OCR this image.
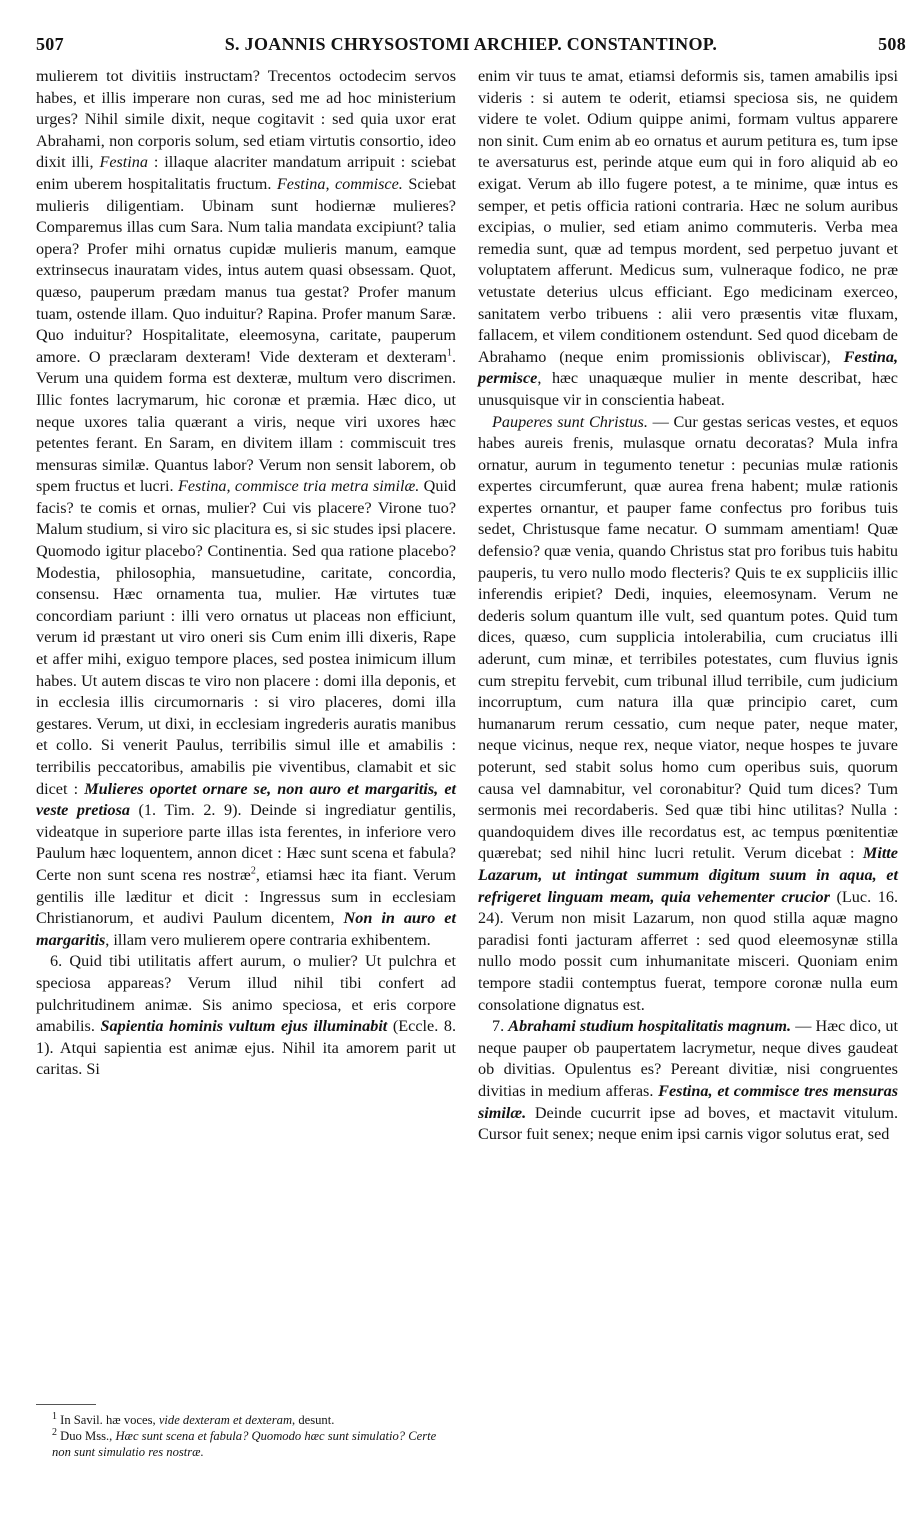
507	S. JOANNIS CHRYSOSTOMI ARCHIEP. CONSTANTINOP.	508

mulierem tot divitiis instructam? Trecentos octodecim servos habes, et illis imperare non curas, sed me ad hoc ministerium urges? Nihil simile dixit, neque cogitavit : sed quia uxor erat Abrahami, non corporis solum, sed etiam virtutis consortio, ideo dixit illi, Festina : illaque alacriter mandatum arripuit : sciebat enim uberem hospitalitatis fructum. Festina, commisce. Sciebat mulieris diligentiam. Ubinam sunt hodiernæ mulieres? Comparemus illas cum Sara. Num talia mandata excipiunt? talia opera? Profer mihi ornatus cupidæ mulieris manum, eamque extrinsecus inauratam vides, intus autem quasi obsessam. Quot, quæso, pauperum prædam manus tua gestat? Profer manum tuam, ostende illam. Quo induitur? Rapina. Profer manum Saræ. Quo induitur? Hospitalitate, eleemosyna, caritate, pauperum amore. O præclaram dexteram! Vide dexteram et dexteram$^1$. Verum una quidem forma est dexteræ, multum vero discrimen. Illic fontes lacrymarum, hic coronæ et præmia. Hæc dico, ut neque uxores talia quærant a viris, neque viri uxores hæc petentes ferant. En Saram, en divitem illam : commiscuit tres mensuras similæ. Quantus labor? Verum non sensit laborem, ob spem fructus et lucri. Festina, commisce tria metra similæ. Quid facis? te comis et ornas, mulier? Cui vis placere? Virone tuo? Malum studium, si viro sic placitura es, si sic studes ipsi placere. Quomodo igitur placebo? Continentia. Sed qua ratione placebo? Modestia, philosophia, mansuetudine, caritate, concordia, consensu. Hæc ornamenta tua, mulier. Hæ virtutes tuæ concordiam pariunt : illi vero ornatus ut placeas non efficiunt, verum id præstant ut viro oneri sis Cum enim illi dixeris, Rape et affer mihi, exiguo tempore places, sed postea inimicum illum habes. Ut autem discas te viro non placere : domi illa deponis, et in ecclesia illis circumornaris : si viro placeres, domi illa gestares. Verum, ut dixi, in ecclesiam ingrederis auratis manibus et collo. Si venerit Paulus, terribilis simul ille et amabilis : terribilis peccatoribus, amabilis pie viventibus, clamabit et sic dicet : Mulieres oportet ornare se, non auro et margaritis, et veste pretiosa (1. Tim. 2. 9). Deinde si ingrediatur gentilis, videatque in superiore parte illas ista ferentes, in inferiore vero Paulum hæc loquentem, annon dicet : Hæc sunt scena et fabula? Certe non sunt scena res nostræ$^2$, etiamsi hæc ita fiant. Verum gentilis ille læditur et dicit : Ingressus sum in ecclesiam Christianorum, et audivi Paulum dicentem, Non in auro et margaritis, illam vero mulierem opere contraria exhibentem.

6. Quid tibi utilitatis affert aurum, o mulier? Ut pulchra et speciosa appareas? Verum illud nihil tibi confert ad pulchritudinem animæ. Sis animo speciosa, et eris corpore amabilis. Sapientia hominis vultum ejus illuminabit (Eccle. 8. 1). Atqui sapientia est animæ ejus. Nihil ita amorem parit ut caritas. Si

enim vir tuus te amat, etiamsi deformis sis, tamen amabilis ipsi videris : si autem te oderit, etiamsi speciosa sis, ne quidem videre te volet. Odium quippe animi, formam vultus apparere non sinit. Cum enim ab eo ornatus et aurum petitura es, tum ipse te aversaturus est, perinde atque eum qui in foro aliquid ab eo exigat. Verum ab illo fugere potest, a te minime, quæ intus es semper, et petis officia rationi contraria. Hæc ne solum auribus excipias, o mulier, sed etiam animo commuteris. Verba mea remedia sunt, quæ ad tempus mordent, sed perpetuo juvant et voluptatem afferunt. Medicus sum, vulneraque fodico, ne præ vetustate deterius ulcus efficiant. Ego medicinam exerceo, sanitatem verbo tribuens : alii vero præsentis vitæ fluxam, fallacem, et vilem conditionem ostendunt. Sed quod dicebam de Abrahamo (neque enim promissionis obliviscar), Festina, permisce, hæc unaquæque mulier in mente describat, hæc unusquisque vir in conscientia habeat.

Pauperes sunt Christus. — Cur gestas sericas vestes, et equos habes aureis frenis, mulasque ornatu decoratas? Mula infra ornatur, aurum in tegumento tenetur : pecunias mulæ rationis expertes circumferunt, quæ aurea frena habent; mulæ rationis expertes ornantur, et pauper fame confectus pro foribus tuis sedet, Christusque fame necatur. O summam amentiam! Quæ defensio? quæ venia, quando Christus stat pro foribus tuis habitu pauperis, tu vero nullo modo flecteris? Quis te ex suppliciis illic inferendis eripiet? Dedi, inquies, eleemosynam. Verum ne dederis solum quantum ille vult, sed quantum potes. Quid tum dices, quæso, cum supplicia intolerabilia, cum cruciatus illi aderunt, cum minæ, et terribiles potestates, cum fluvius ignis cum strepitu fervebit, cum tribunal illud terribile, cum judicium incorruptum, cum natura illa quæ principio caret, cum humanarum rerum cessatio, cum neque pater, neque mater, neque vicinus, neque rex, neque viator, neque hospes te juvare poterunt, sed stabit solus homo cum operibus suis, quorum causa vel damnabitur, vel coronabitur? Quid tum dices? Tum sermonis mei recordaberis. Sed quæ tibi hinc utilitas? Nulla : quandoquidem dives ille recordatus est, ac tempus pœnitentiæ quærebat; sed nihil hinc lucri retulit. Verum dicebat : Mitte Lazarum, ut intingat summum digitum suum in aqua, et refrigeret linguam meam, quia vehementer crucior (Luc. 16. 24). Verum non misit Lazarum, non quod stilla aquæ magno paradisi fonti jacturam afferret : sed quod eleemosynæ stilla nullo modo possit cum inhumanitate misceri. Quoniam enim tempore stadii contemptus fuerat, tempore coronæ nulla eum consolatione dignatus est.

7. Abrahami studium hospitalitatis magnum. — Hæc dico, ut neque pauper ob paupertatem lacrymetur, neque dives gaudeat ob divitias. Opulentus es? Pereant divitiæ, nisi congruentes divitias in medium afferas. Festina, et commisce tres mensuras similæ. Deinde cucurrit ipse ad boves, et mactavit vitulum. Cursor fuit senex; neque enim ipsi carnis vigor solutus erat, sed

$^1$ In Savil. hæ voces, vide dexteram et dexteram, desunt.

$^2$ Duo Mss., Hæc sunt scena et fabula? Quomodo hæc sunt simulatio? Certe non sunt simulatio res nostræ.
